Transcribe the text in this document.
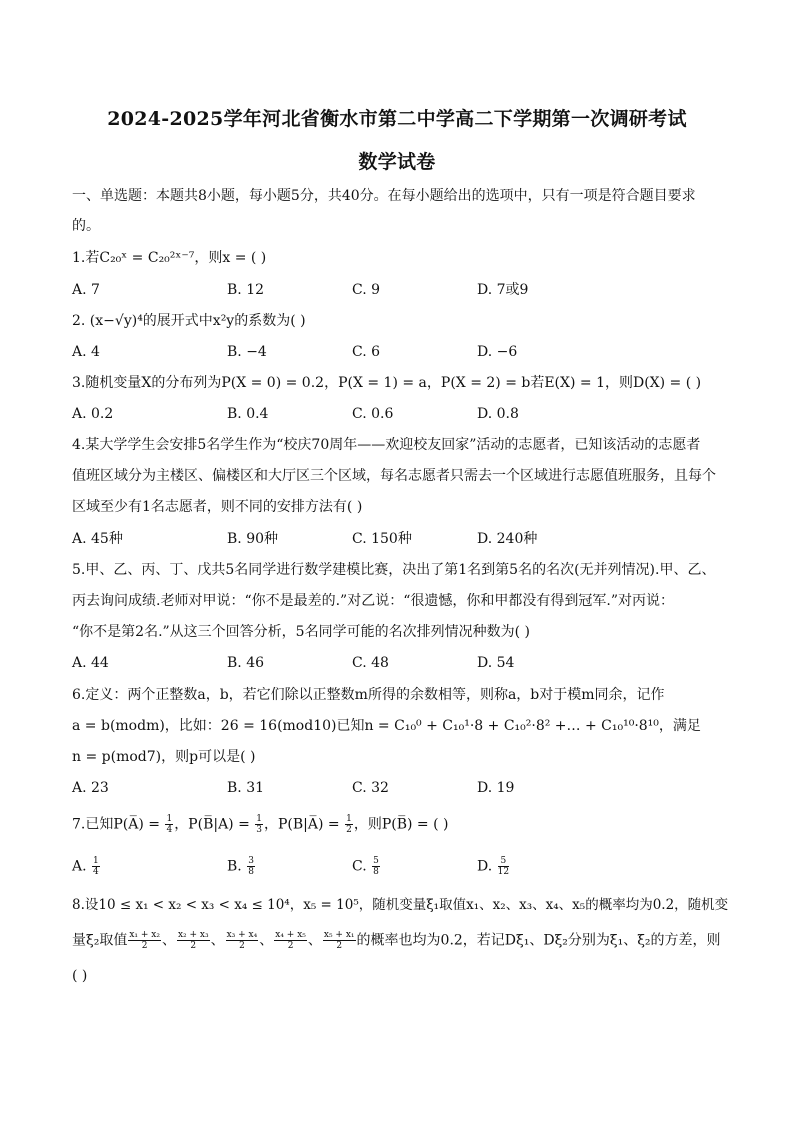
2024-2025学年河北省衡水市第二中学高二下学期第一次调研考试
数学试卷
一、单选题：本题共8小题，每小题5分，共40分。在每小题给出的选项中，只有一项是符合题目要求
的。
1.若C₂₀ˣ = C₂₀²ˣ⁻⁷，则x = ( )
A. 7	B. 12	C. 9	D. 7或9
2. (x−√y)⁴的展开式中x²y的系数为( )
A. 4	B. −4	C. 6	D. −6
3.随机变量X的分布列为P(X = 0) = 0.2，P(X = 1) = a，P(X = 2) = b若E(X) = 1，则D(X) = ( )
A. 0.2	B. 0.4	C. 0.6	D. 0.8
4.某大学学生会安排5名学生作为“校庆70周年——欢迎校友回家”活动的志愿者，已知该活动的志愿者
值班区域分为主楼区、偏楼区和大厅区三个区域，每名志愿者只需去一个区域进行志愿值班服务，且每个
区域至少有1名志愿者，则不同的安排方法有( )
A. 45种	B. 90种	C. 150种	D. 240种
5.甲、乙、丙、丁、戊共5名同学进行数学建模比赛，决出了第1名到第5名的名次(无并列情况).甲、乙、
丙去询问成绩.老师对甲说：“你不是最差的.”对乙说：“很遗憾，你和甲都没有得到冠军.”对丙说：
“你不是第2名.”从这三个回答分析，5名同学可能的名次排列情况种数为( )
A. 44	B. 46	C. 48	D. 54
6.定义：两个正整数a，b，若它们除以正整数m所得的余数相等，则称a，b对于模m同余，记作
a = b(modm)，比如：26 = 16(mod10)已知n = C₁₀⁰ + C₁₀¹·8 + C₁₀²·8² +… + C₁₀¹⁰·8¹⁰，满足
n = p(mod7)，则p可以是( )
A. 23	B. 31	C. 32	D. 19
7.已知P(A̅) = $\frac{1}{4}$ ，P(B̅|A) = $\frac{1}{3}$ ，P(B|A̅) = $\frac{1}{2}$ ，则P(B̅) = ( )
A. $\frac{1}{4}$	B. $\frac{3}{8}$	C. $\frac{5}{8}$	D. $\frac{5}{12}$
8.设10 ≤ x₁ < x₂ < x₃ < x₄ ≤ 10⁴，x₅ = 10⁵，随机变量ξ₁取值x₁、x₂、x₃、x₄、x₅的概率均为0.2，随机变
量ξ₂取值 $\frac{\text{x₁ + x₂}}{2}$ 、 $\frac{\text{x₂ + x₃}}{2}$ 、 $\frac{\text{x₃ + x₄}}{2}$ 、 $\frac{\text{x₄ + x₅}}{2}$ 、 $\frac{\text{x₅ + x₁}}{2}$ 的概率也均为0.2，若记Dξ₁、Dξ₂分别为ξ₁、ξ₂的方差，则
( )
